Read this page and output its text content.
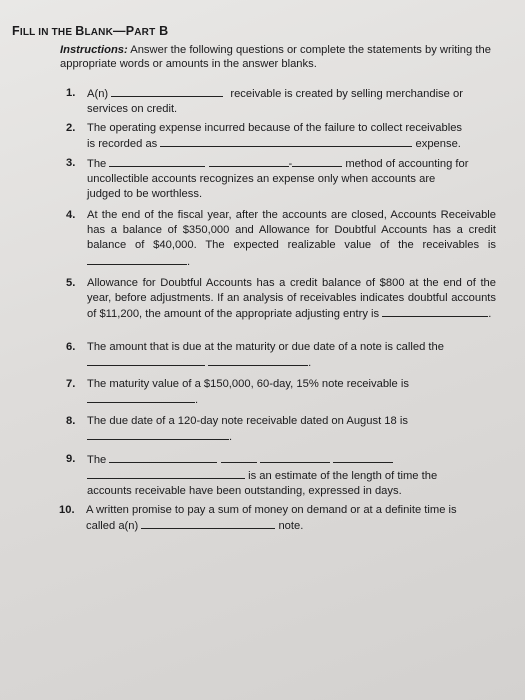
FILL IN THE BLANK—PART B
Instructions: Answer the following questions or complete the statements by writing the appropriate words or amounts in the answer blanks.
1. A(n)	receivable is created by selling merchandise or
services on credit.
2. The operating expense incurred because of the failure to collect receivables
is recorded as	expense.
3. The	-	method of accounting for
uncollectible accounts recognizes an expense only when accounts are
judged to be worthless.
4. At the end of the fiscal year, after the accounts are closed, Accounts Receivable has a balance of $350,000 and Allowance for Doubtful Accounts has a credit balance of $40,000. The expected realizable value of the receivables is .
5. Allowance for Doubtful Accounts has a credit balance of $800 at the end of the year, before adjustments. If an analysis of receivables indicates doubtful accounts of $11,200, the amount of the appropriate adjusting entry is	.
6. The amount that is due at the maturity or due date of a note is called the
.
7. The maturity value of a $150,000, 60-day, 15% note receivable is
.
8. The due date of a 120-day note receivable dated on August 18 is
.
9. The
is an estimate of the length of time the
accounts receivable have been outstanding, expressed in days.
10. A written promise to pay a sum of money on demand or at a definite time is
called a(n)	note.
